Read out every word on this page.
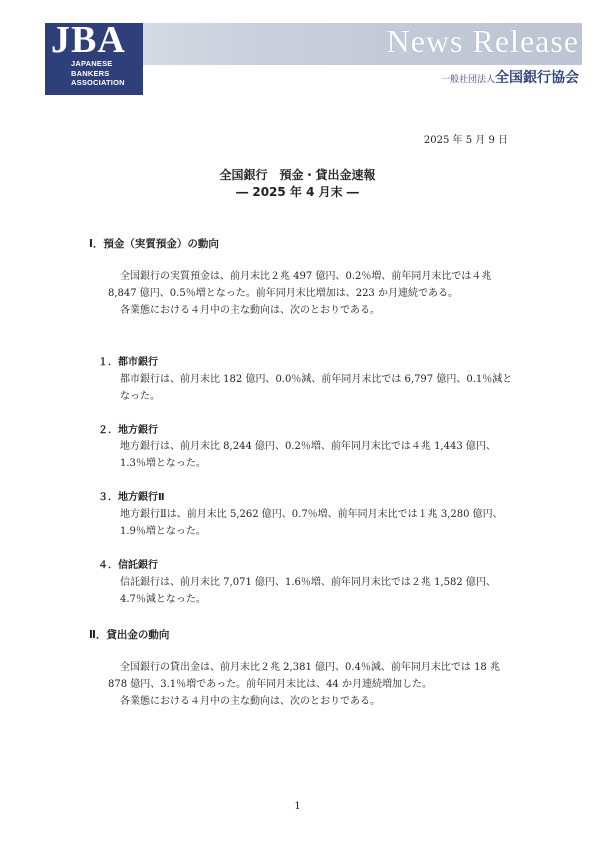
JBA
JAPANESE
BANKERS
ASSOCIATION
News Release
一般社団法人全国銀行協会
2025 年 5 月 9 日
全国銀行　預金・貸出金速報
― 2025 年 4 月末 ―
Ⅰ．預金（実質預金）の動向

全国銀行の実質預金は、前月末比２兆 497 億円、0.2％増、前年同月末比では４兆 8,847 億円、0.5％増となった。前年同月末比増加は、223 か月連続である。

各業態における４月中の主な動向は、次のとおりである。

１．都市銀行

都市銀行は、前月末比 182 億円、0.0％減、前年同月末比では 6,797 億円、0.1％減となった。

２．地方銀行

地方銀行は、前月末比 8,244 億円、0.2％増、前年同月末比では４兆 1,443 億円、1.3％増となった。

３．地方銀行Ⅱ

地方銀行Ⅱは、前月末比 5,262 億円、0.7％増、前年同月末比では１兆 3,280 億円、1.9％増となった。

４．信託銀行

信託銀行は、前月末比 7,071 億円、1.6％増、前年同月末比では２兆 1,582 億円、4.7％減となった。

Ⅱ．貸出金の動向

全国銀行の貸出金は、前月末比２兆 2,381 億円、0.4％減、前年同月末比では 18 兆 878 億円、3.1％増であった。前年同月末比は、44 か月連続増加した。

各業態における４月中の主な動向は、次のとおりである。

1
